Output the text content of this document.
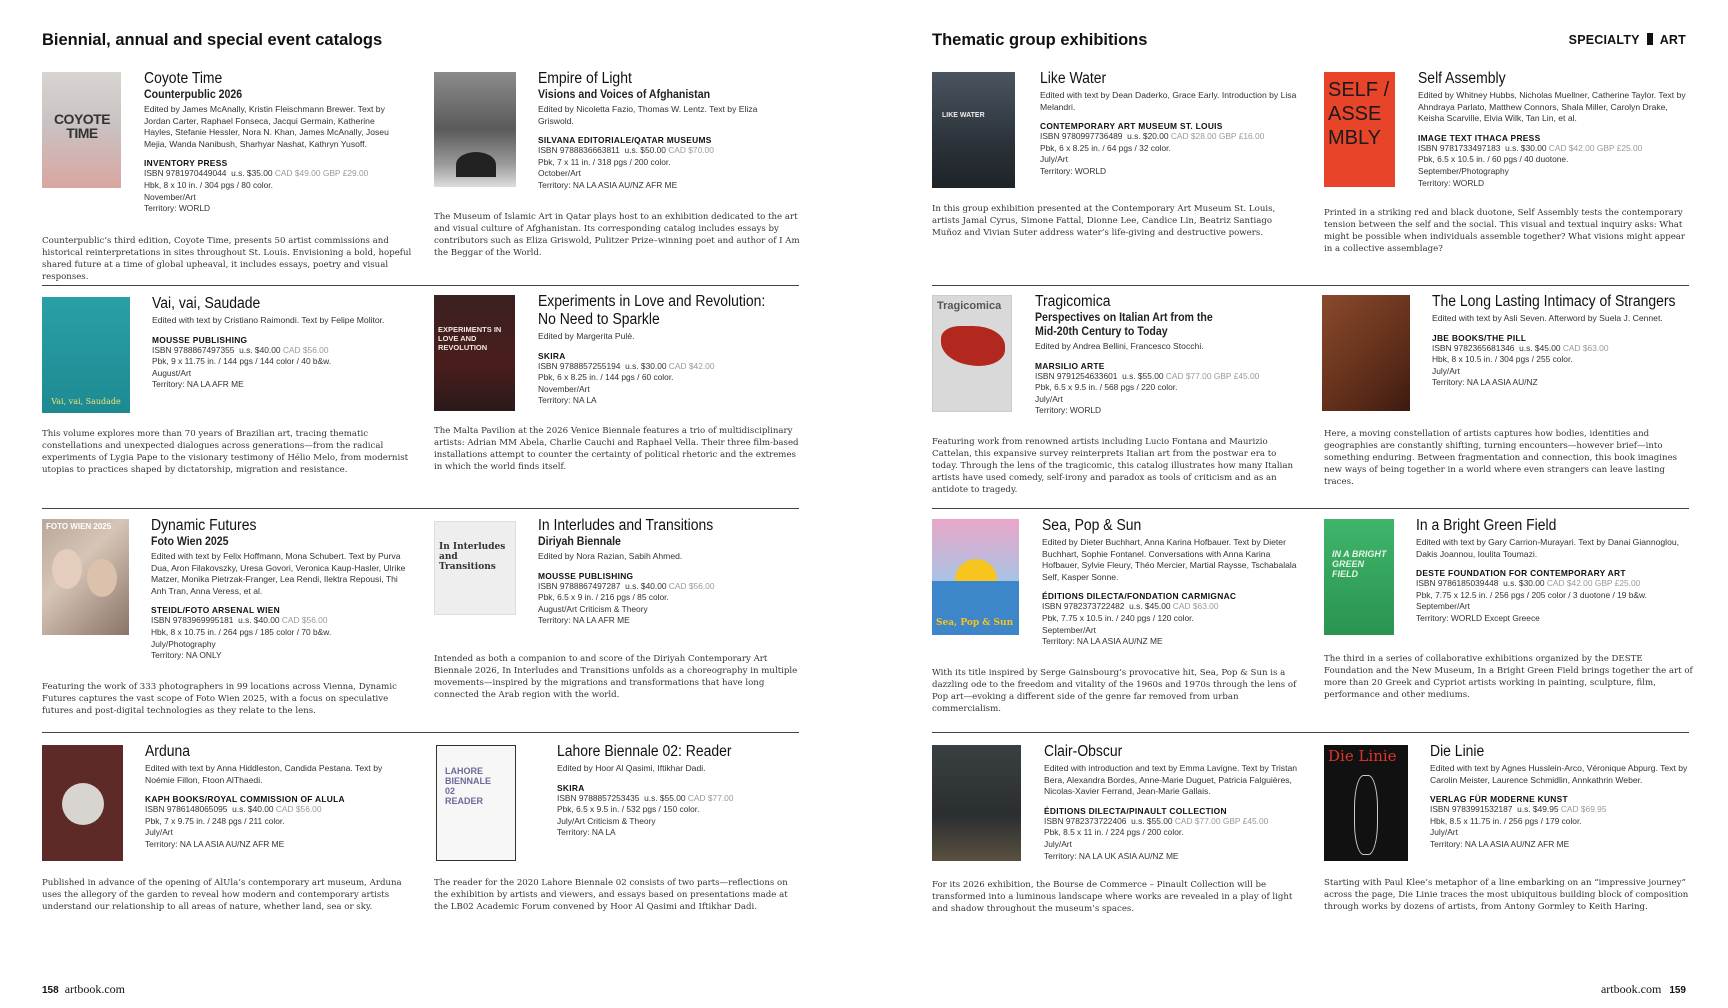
Biennial, annual and special event catalogs
158 artbook.com
Thematic group exhibitions	SPECIALTY ART
artbook.com 159
COYOTE TIME
Coyote Time
Counterpublic 2026
Edited by James McAnally, Kristin Fleischmann Brewer. Text by Jordan Carter, Raphael Fonseca, Jacqui Germain, Katherine Hayles, Stefanie Hessler, Nora N. Khan, James McAnally, Joseu Mejia, Wanda Nanibush, Sharhyar Nashat, Kathryn Yusoff.
INVENTORY PRESS
ISBN 9781970449044 u.s. $35.00 CAD $49.00 GBP £29.00
Hbk, 8 x 10 in. / 304 pgs / 80 color.
November/Art
Territory: WORLD
Counterpublic’s third edition, Coyote Time, presents 50 artist commissions and historical reinterpretations in sites throughout St. Louis. Envisioning a bold, hopeful shared future at a time of global upheaval, it includes essays, poetry and visual responses.
Empire of Light
Visions and Voices of Afghanistan
Edited by Nicoletta Fazio, Thomas W. Lentz. Text by Eliza Griswold.
SILVANA EDITORIALE/QATAR MUSEUMS
ISBN 9788836663811 u.s. $50.00 CAD $70.00
Pbk, 7 x 11 in. / 318 pgs / 200 color.
October/Art
Territory: NA LA ASIA AU/NZ AFR ME
The Museum of Islamic Art in Qatar plays host to an exhibition dedicated to the art and visual culture of Afghanistan. Its corresponding catalog includes essays by contributors such as Eliza Griswold, Pulitzer Prize–winning poet and author of I Am the Beggar of the World.
Vai, vai, Saudade
Vai, vai, Saudade
Edited with text by Cristiano Raimondi. Text by Felipe Molitor.
MOUSSE PUBLISHING
ISBN 9788867497355 u.s. $40.00 CAD $56.00
Pbk, 9 x 11.75 in. / 144 pgs / 144 color / 40 b&w.
August/Art
Territory: NA LA AFR ME
This volume explores more than 70 years of Brazilian art, tracing thematic constellations and unexpected dialogues across generations—from the radical experiments of Lygia Pape to the visionary testimony of Hélio Melo, from modernist utopias to practices shaped by dictatorship, migration and resistance.
EXPERIMENTS IN LOVE AND REVOLUTION
Experiments in Love and Revolution:
No Need to Sparkle
Edited by Margerita Pulè.
SKIRA
ISBN 9788857255194 u.s. $30.00 CAD $42.00
Pbk, 6 x 8.25 in. / 144 pgs / 60 color.
November/Art
Territory: NA LA
The Malta Pavilion at the 2026 Venice Biennale features a trio of multidisciplinary artists: Adrian MM Abela, Charlie Cauchi and Raphael Vella. Their three film-based installations attempt to counter the certainty of political rhetoric and the extremes in which the world finds itself.
FOTO WIEN 2025	Dynamic Futures
Foto Wien 2025
Edited with text by Felix Hoffmann, Mona Schubert. Text by Purva Dua, Aron Filakovszky, Uresa Govori, Veronica Kaup-Hasler, Ulrike Matzer, Monika Pietrzak-Franger, Lea Rendi, Ilektra Repousi, Thi Anh Tran, Anna Veress, et al.
STEIDL/FOTO ARSENAL WIEN
ISBN 9783969995181 u.s. $40.00 CAD $56.00
Hbk, 8 x 10.75 in. / 264 pgs / 185 color / 70 b&w.
July/Photography
Territory: NA ONLY
Featuring the work of 333 photographers in 99 locations across Vienna, Dynamic Futures captures the vast scope of Foto Wien 2025, with a focus on speculative futures and post-digital technologies as they relate to the lens.
In Interludes and Transitions
In Interludes and Transitions
Diriyah Biennale
Edited by Nora Razian, Sabih Ahmed.
MOUSSE PUBLISHING
ISBN 9788867497287 u.s. $40.00 CAD $56.00
Pbk, 6.5 x 9 in. / 216 pgs / 85 color.
August/Art Criticism & Theory
Territory: NA LA AFR ME
Intended as both a companion to and score of the Diriyah Contemporary Art Biennale 2026, In Interludes and Transitions unfolds as a choreography in multiple movements—inspired by the migrations and transformations that have long connected the Arab region with the world.
Arduna
Edited with text by Anna Hiddleston, Candida Pestana. Text by Noémie Fillon, Ftoon AlThaedi.
KAPH BOOKS/ROYAL COMMISSION OF ALULA
ISBN 9786148065095 u.s. $40.00 CAD $56.00
Pbk, 7 x 9.75 in. / 248 pgs / 211 color.
July/Art
Territory: NA LA ASIA AU/NZ AFR ME
Published in advance of the opening of AlUla’s contemporary art museum, Arduna uses the allegory of the garden to reveal how modern and contemporary artists understand our relationship to all areas of nature, whether land, sea or sky.
LAHORE BIENNALE 02 READER
Lahore Biennale 02: Reader
Edited by Hoor Al Qasimi, Iftikhar Dadi.
SKIRA
ISBN 9788857253435 u.s. $55.00 CAD $77.00
Pbk, 6.5 x 9.5 in. / 532 pgs / 150 color.
July/Art Criticism & Theory
Territory: NA LA
The reader for the 2020 Lahore Biennale 02 consists of two parts—reflections on the exhibition by artists and viewers, and essays based on presentations made at the LB02 Academic Forum convened by Hoor Al Qasimi and Iftikhar Dadi.
LIKE WATER
Like Water
Edited with text by Dean Daderko, Grace Early. Introduction by Lisa Melandri.
CONTEMPORARY ART MUSEUM ST. LOUIS
ISBN 9780997736489 u.s. $20.00 CAD $28.00 GBP £16.00
Pbk, 6 x 8.25 in. / 64 pgs / 32 color.
July/Art
Territory: WORLD
In this group exhibition presented at the Contemporary Art Museum St. Louis, artists Jamal Cyrus, Simone Fattal, Dionne Lee, Candice Lin, Beatriz Santiago Muñoz and Vivian Suter address water’s life-giving and destructive powers.
SELF / ASSEMBLY
Self Assembly
Edited by Whitney Hubbs, Nicholas Muellner, Catherine Taylor. Text by Ahndraya Parlato, Matthew Connors, Shala Miller, Carolyn Drake, Keisha Scarville, Elvia Wilk, Tan Lin, et al.
IMAGE TEXT ITHACA PRESS
ISBN 9781733497183 u.s. $30.00 CAD $42.00 GBP £25.00
Pbk, 6.5 x 10.5 in. / 60 pgs / 40 duotone.
September/Photography
Territory: WORLD
Printed in a striking red and black duotone, Self Assembly tests the contemporary tension between the self and the social. This visual and textual inquiry asks: What might be possible when individuals assemble together? What visions might appear in a collective assemblage?
Tragicomica Tragicomica
Perspectives on Italian Art from the Mid-20th Century to Today
Edited by Andrea Bellini, Francesco Stocchi.
MARSILIO ARTE
ISBN 9791254633601 u.s. $55.00 CAD $77.00 GBP £45.00
Pbk, 6.5 x 9.5 in. / 568 pgs / 220 color.
July/Art
Territory: WORLD
Featuring work from renowned artists including Lucio Fontana and Maurizio Cattelan, this expansive survey reinterprets Italian art from the postwar era to today. Through the lens of the tragicomic, this catalog illustrates how many Italian artists have used comedy, self-irony and paradox as tools of criticism and as an antidote to tragedy.
The Long Lasting Intimacy of Strangers
Edited with text by Asli Seven. Afterword by Suela J. Cennet.
JBE BOOKS/THE PILL
ISBN 9782365681346 u.s. $45.00 CAD $63.00
Hbk, 8 x 10.5 in. / 304 pgs / 255 color.
July/Art
Territory: NA LA ASIA AU/NZ
Here, a moving constellation of artists captures how bodies, identities and geographies are constantly shifting, turning encounters—however brief—into something enduring. Between fragmentation and connection, this book imagines new ways of being together in a world where even strangers can leave lasting traces.
Sea, Pop & Sun
Sea, Pop & Sun
Edited by Dieter Buchhart, Anna Karina Hofbauer. Text by Dieter Buchhart, Sophie Fontanel. Conversations with Anna Karina Hofbauer, Sylvie Fleury, Théo Mercier, Martial Raysse, Tschabalala Self, Kasper Sonne.
ÉDITIONS DILECTA/FONDATION CARMIGNAC
ISBN 9782373722482 u.s. $45.00 CAD $63.00
Pbk, 7.75 x 10.5 in. / 240 pgs / 120 color.
September/Art
Territory: NA LA ASIA AU/NZ ME
With its title inspired by Serge Gainsbourg’s provocative hit, Sea, Pop & Sun is a dazzling ode to the freedom and vitality of the 1960s and 1970s through the lens of Pop art—evoking a different side of the genre far removed from urban commercialism.
IN A BRIGHT GREEN FIELD
In a Bright Green Field
Edited with text by Gary Carrion-Murayari. Text by Danai Giannoglou, Dakis Joannou, Ioulita Toumazi.
DESTE FOUNDATION FOR CONTEMPORARY ART
ISBN 9786185039448 u.s. $30.00 CAD $42.00 GBP £25.00
Pbk, 7.75 x 12.5 in. / 256 pgs / 205 color / 3 duotone / 19 b&w.
September/Art
Territory: WORLD Except Greece
The third in a series of collaborative exhibitions organized by the DESTE Foundation and the New Museum, In a Bright Green Field brings together the art of more than 20 Greek and Cypriot artists working in painting, sculpture, film, performance and other mediums.
Clair-Obscur
Edited with introduction and text by Emma Lavigne. Text by Tristan Bera, Alexandra Bordes, Anne-Marie Duguet, Patricia Falguières, Nicolas-Xavier Ferrand, Jean-Marie Gallais.
ÉDITIONS DILECTA/PINAULT COLLECTION
ISBN 9782373722406 u.s. $55.00 CAD $77.00 GBP £45.00
Pbk, 8.5 x 11 in. / 224 pgs / 200 color.
July/Art
Territory: NA LA UK ASIA AU/NZ ME
For its 2026 exhibition, the Bourse de Commerce – Pinault Collection will be transformed into a luminous landscape where works are revealed in a play of light and shadow throughout the museum’s spaces.
Die Linie Die Linie
Edited with text by Agnes Husslein-Arco, Véronique Abpurg. Text by Carolin Meister, Laurence Schmidlin, Annkathrin Weber.
VERLAG FÜR MODERNE KUNST
ISBN 9783991532187 u.s. $49.95 CAD $69.95
Hbk, 8.5 x 11.75 in. / 256 pgs / 179 color.
July/Art
Territory: NA LA ASIA AU/NZ AFR ME
Starting with Paul Klee’s metaphor of a line embarking on an “impressive journey” across the page, Die Linie traces the most ubiquitous building block of composition through works by dozens of artists, from Antony Gormley to Keith Haring.
